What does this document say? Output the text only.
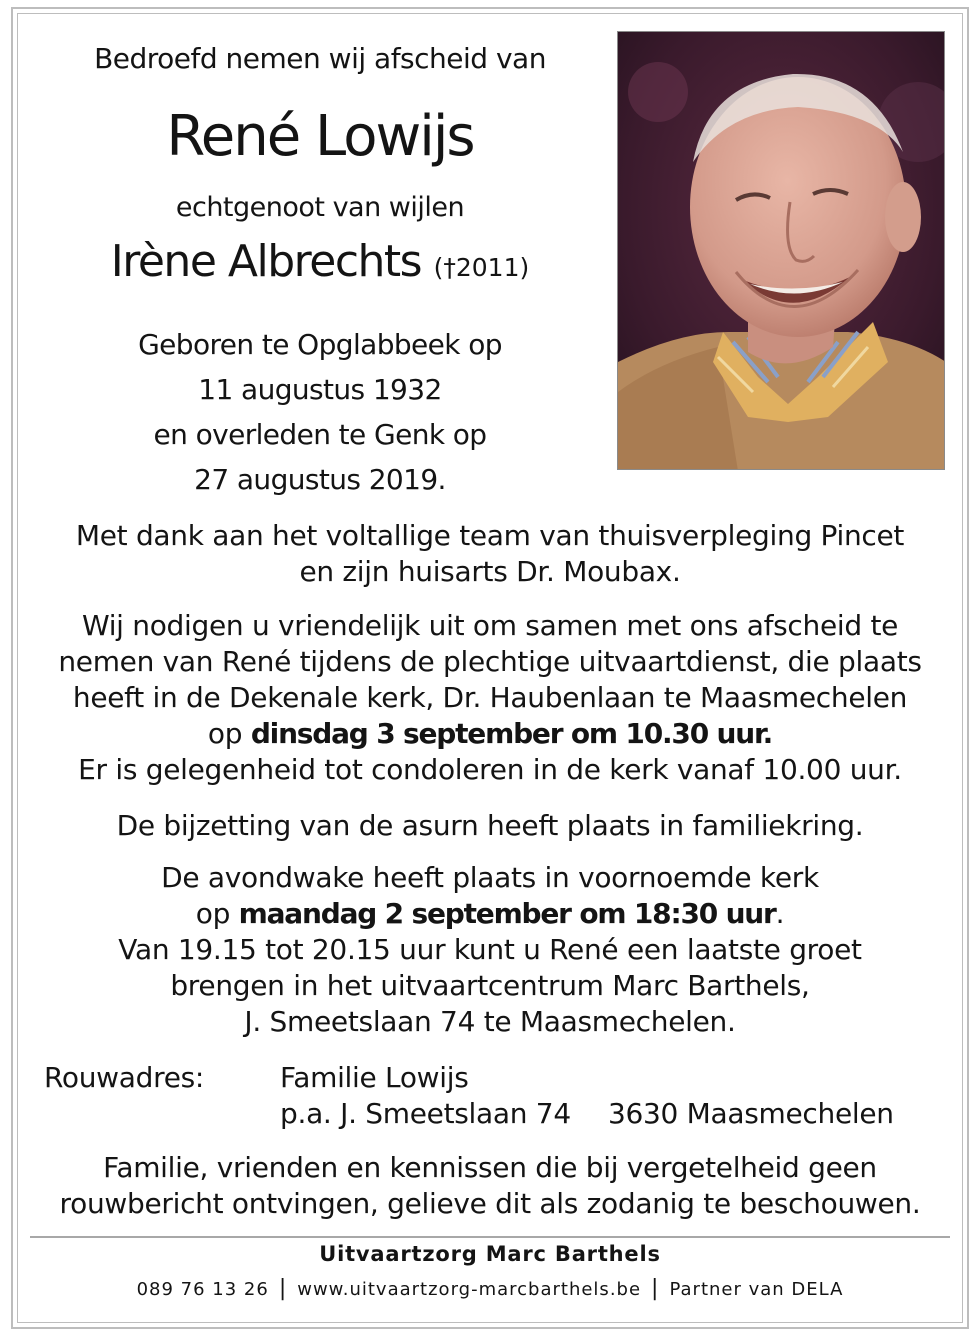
Bedroefd nemen wij afscheid van
René Lowijs
echtgenoot van wijlen
Irène Albrechts (†2011)
Geboren te Opglabbeek op
11 augustus 1932
en overleden te Genk op
27 augustus 2019.
Met dank aan het voltallige team van thuisverpleging Pincet
en zijn huisarts Dr. Moubax.
Wij nodigen u vriendelijk uit om samen met ons afscheid te
nemen van René tijdens de plechtige uitvaartdienst, die plaats
heeft in de Dekenale kerk, Dr. Haubenlaan te Maasmechelen
op dinsdag 3 september om 10.30 uur.
Er is gelegenheid tot condoleren in de kerk vanaf 10.00 uur.
De bijzetting van de asurn heeft plaats in familiekring.
De avondwake heeft plaats in voornoemde kerk
op maandag 2 september om 18:30 uur.
Van 19.15 tot 20.15 uur kunt u René een laatste groet
brengen in het uitvaartcentrum Marc Barthels,
J. Smeetslaan 74 te Maasmechelen.
Rouwadres:	Familie Lowijs
p.a. J. Smeetslaan 74 3630 Maasmechelen
Familie, vrienden en kennissen die bij vergetelheid geen
rouwbericht ontvingen, gelieve dit als zodanig te beschouwen.
Uitvaartzorg Marc Barthels
089 76 13 26 | www.uitvaartzorg-marcbarthels.be | Partner van DELA
